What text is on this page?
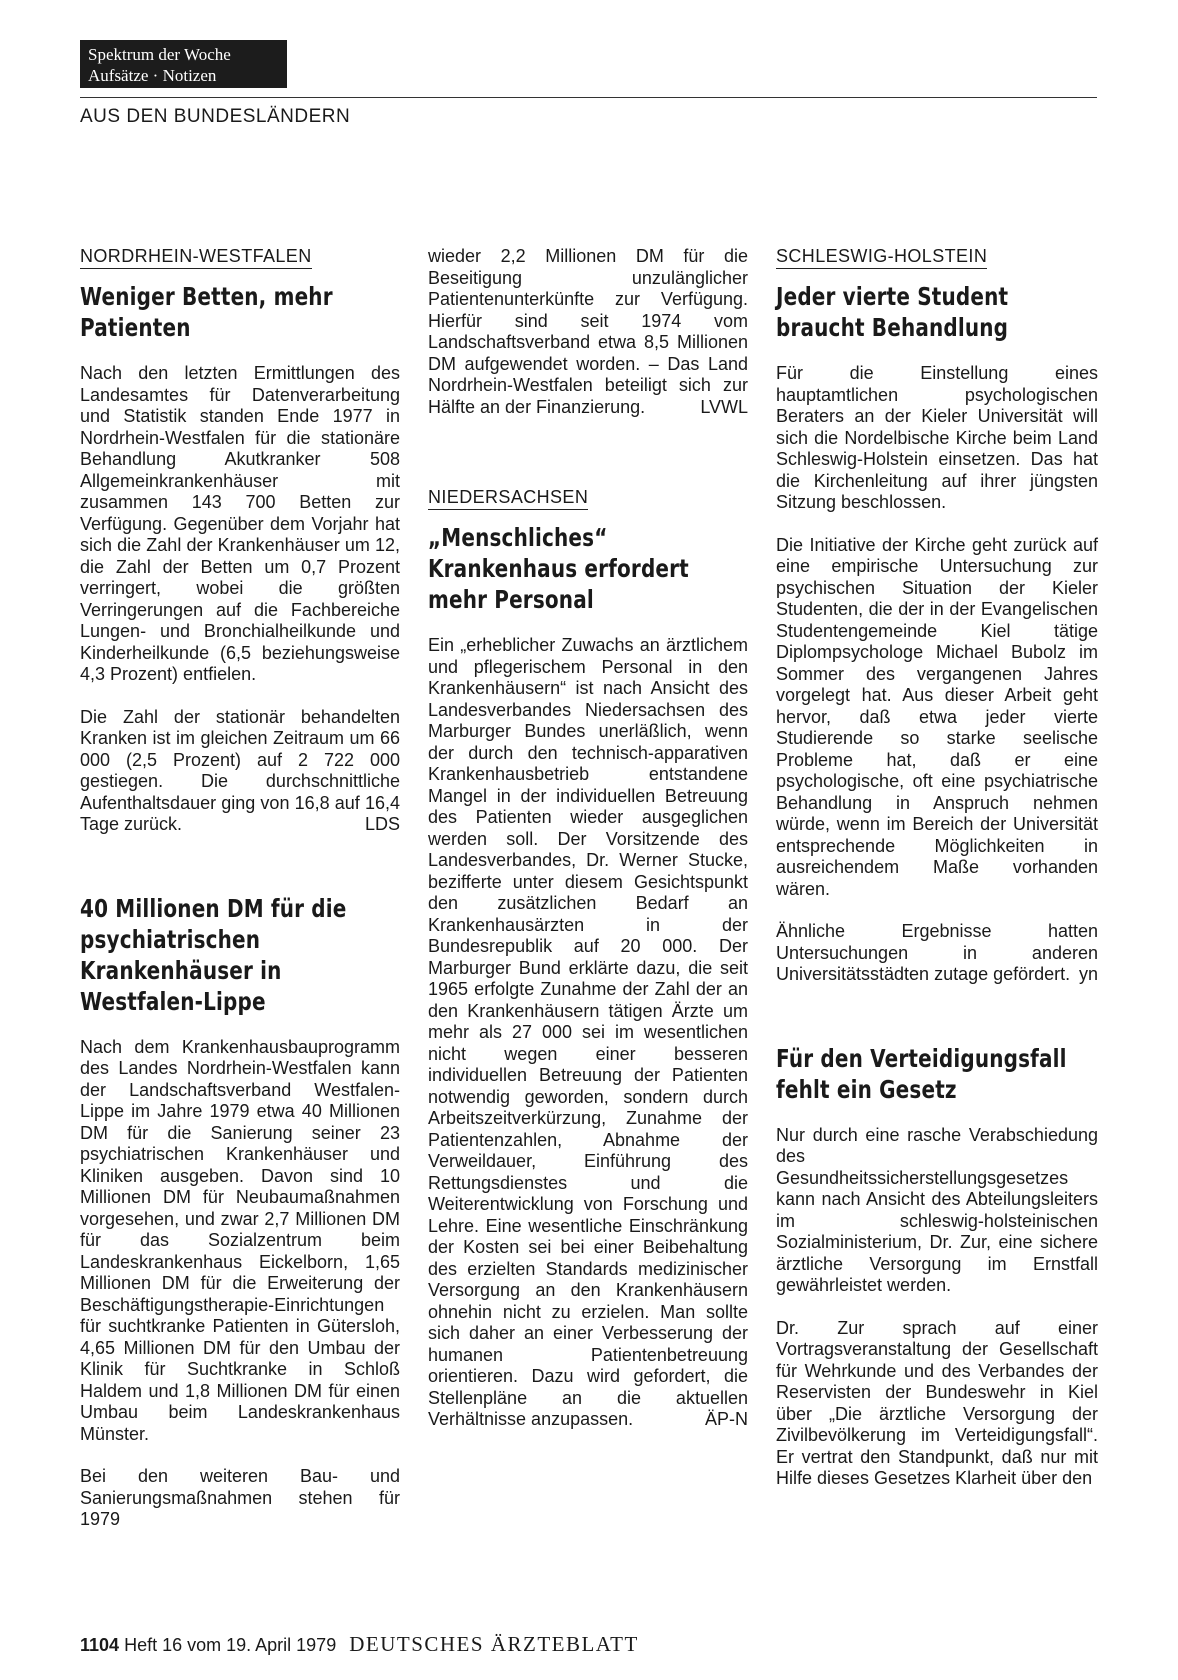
Spektrum der Woche
Aufsätze · Notizen
AUS DEN BUNDESLÄNDERN
NORDRHEIN-WESTFALEN
Weniger Betten, mehr Patienten

Nach den letzten Ermittlungen des Landesamtes für Datenverarbeitung und Statistik standen Ende 1977 in Nordrhein-Westfalen für die stationäre Behandlung Akutkranker 508 Allgemeinkrankenhäuser mit zusammen 143 700 Betten zur Verfügung. Gegenüber dem Vorjahr hat sich die Zahl der Krankenhäuser um 12, die Zahl der Betten um 0,7 Prozent verringert, wobei die größten Verringerungen auf die Fachbereiche Lungen- und Bronchialheilkunde und Kinderheilkunde (6,5 beziehungsweise 4,3 Prozent) entfielen.

Die Zahl der stationär behandelten Kranken ist im gleichen Zeitraum um 66 000 (2,5 Prozent) auf 2 722 000 gestiegen. Die durchschnittliche Aufenthaltsdauer ging von 16,8 auf 16,4 Tage zurück.	LDS

40 Millionen DM für die psychiatrischen Krankenhäuser in Westfalen-Lippe

Nach dem Krankenhausbauprogramm des Landes Nordrhein-Westfalen kann der Landschaftsverband Westfalen-Lippe im Jahre 1979 etwa 40 Millionen DM für die Sanierung seiner 23 psychiatrischen Krankenhäuser und Kliniken ausgeben. Davon sind 10 Millionen DM für Neubaumaßnahmen vorgesehen, und zwar 2,7 Millionen DM für das Sozialzentrum beim Landeskrankenhaus Eickelborn, 1,65 Millionen DM für die Erweiterung der Beschäftigungstherapie-Einrichtungen für suchtkranke Patienten in Gütersloh, 4,65 Millionen DM für den Umbau der Klinik für Suchtkranke in Schloß Haldem und 1,8 Millionen DM für einen Umbau beim Landeskrankenhaus Münster.

Bei den weiteren Bau- und Sanierungsmaßnahmen stehen für 1979

wieder 2,2 Millionen DM für die Beseitigung unzulänglicher Patientenunterkünfte zur Verfügung. Hierfür sind seit 1974 vom Landschaftsverband etwa 8,5 Millionen DM aufgewendet worden. – Das Land Nordrhein-Westfalen beteiligt sich zur Hälfte an der Finanzierung.	LVWL

NIEDERSACHSEN
„Menschliches“ Krankenhaus erfordert mehr Personal

Ein „erheblicher Zuwachs an ärztlichem und pflegerischem Personal in den Krankenhäusern“ ist nach Ansicht des Landesverbandes Niedersachsen des Marburger Bundes unerläßlich, wenn der durch den technisch-apparativen Krankenhausbetrieb entstandene Mangel in der individuellen Betreuung des Patienten wieder ausgeglichen werden soll. Der Vorsitzende des Landesverbandes, Dr. Werner Stucke, bezifferte unter diesem Gesichtspunkt den zusätzlichen Bedarf an Krankenhausärzten in der Bundesrepublik auf 20 000. Der Marburger Bund erklärte dazu, die seit 1965 erfolgte Zunahme der Zahl der an den Krankenhäusern tätigen Ärzte um mehr als 27 000 sei im wesentlichen nicht wegen einer besseren individuellen Betreuung der Patienten notwendig geworden, sondern durch Arbeitszeitverkürzung, Zunahme der Patientenzahlen, Abnahme der Verweildauer, Einführung des Rettungsdienstes und die Weiterentwicklung von Forschung und Lehre. Eine wesentliche Einschränkung der Kosten sei bei einer Beibehaltung des erzielten Standards medizinischer Versorgung an den Krankenhäusern ohnehin nicht zu erzielen. Man sollte sich daher an einer Verbesserung der humanen Patientenbetreuung orientieren. Dazu wird gefordert, die Stellenpläne an die aktuellen Verhältnisse anzupassen.	ÄP-N

SCHLESWIG-HOLSTEIN
Jeder vierte Student braucht Behandlung

Für die Einstellung eines hauptamtlichen psychologischen Beraters an der Kieler Universität will sich die Nordelbische Kirche beim Land Schleswig-Holstein einsetzen. Das hat die Kirchenleitung auf ihrer jüngsten Sitzung beschlossen.

Die Initiative der Kirche geht zurück auf eine empirische Untersuchung zur psychischen Situation der Kieler Studenten, die der in der Evangelischen Studentengemeinde Kiel tätige Diplompsychologe Michael Bubolz im Sommer des vergangenen Jahres vorgelegt hat. Aus dieser Arbeit geht hervor, daß etwa jeder vierte Studierende so starke seelische Probleme hat, daß er eine psychologische, oft eine psychiatrische Behandlung in Anspruch nehmen würde, wenn im Bereich der Universität entsprechende Möglichkeiten in ausreichendem Maße vorhanden wären.

Ähnliche Ergebnisse hatten Untersuchungen in anderen Universitätsstädten zutage gefördert. yn

Für den Verteidigungsfall fehlt ein Gesetz

Nur durch eine rasche Verabschiedung des Gesundheitssicherstellungsgesetzes kann nach Ansicht des Abteilungsleiters im schleswig-holsteinischen Sozialministerium, Dr. Zur, eine sichere ärztliche Versorgung im Ernstfall gewährleistet werden.

Dr. Zur sprach auf einer Vortragsveranstaltung der Gesellschaft für Wehrkunde und des Verbandes der Reservisten der Bundeswehr in Kiel über „Die ärztliche Versorgung der Zivilbevölkerung im Verteidigungsfall“. Er vertrat den Standpunkt, daß nur mit Hilfe dieses Gesetzes Klarheit über den

1104 Heft 16 vom 19. April 1979 DEUTSCHES ÄRZTEBLATT
